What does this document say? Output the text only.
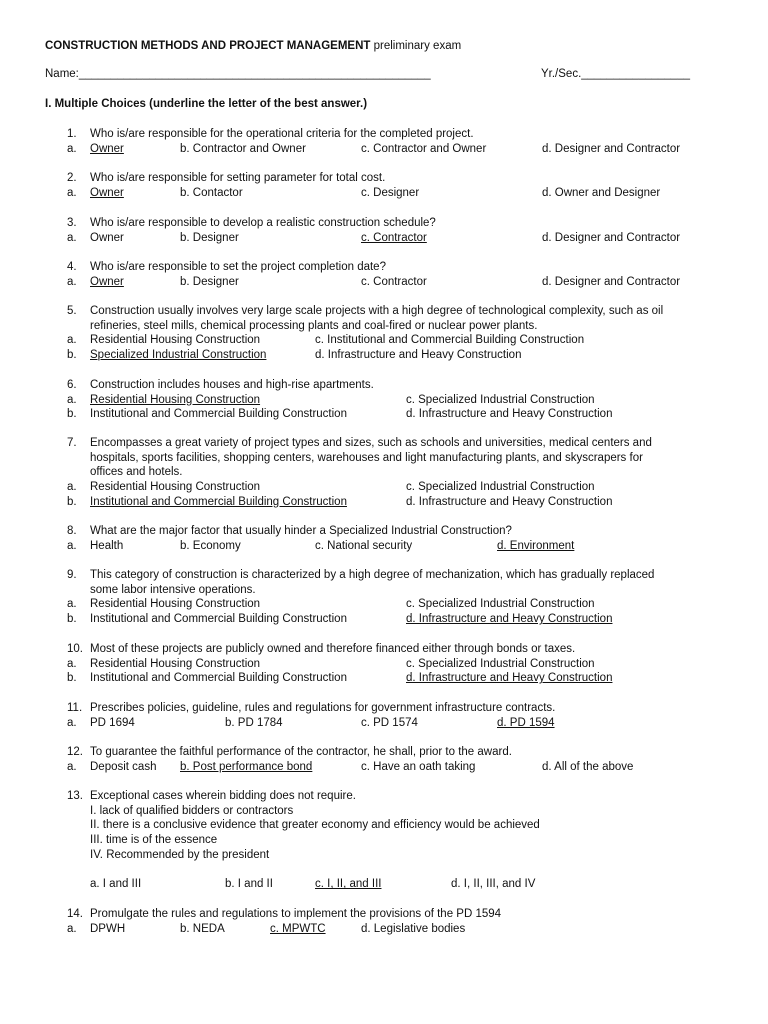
CONSTRUCTION METHODS AND PROJECT MANAGEMENT preliminary exam
Name:_______________________________________________________	Yr./Sec._________________
I. Multiple Choices (underline the letter of the best answer.)
1. Who is/are responsible for the operational criteria for the completed project.
a. Owner	b. Contractor and Owner	c. Contractor and Owner	d. Designer and Contractor
2. Who is/are responsible for setting parameter for total cost.
a. Owner	b. Contactor	c. Designer	d. Owner and Designer
3. Who is/are responsible to develop a realistic construction schedule?
a. Owner	b. Designer	c. Contractor	d. Designer and Contractor
4. Who is/are responsible to set the project completion date?
a. Owner	b. Designer	c. Contractor	d. Designer and Contractor
5. Construction usually involves very large scale projects with a high degree of technological complexity, such as oil
refineries, steel mills, chemical processing plants and coal-fired or nuclear power plants.
a. Residential Housing Construction	c. Institutional and Commercial Building Construction
b. Specialized Industrial Construction	d. Infrastructure and Heavy Construction
6. Construction includes houses and high-rise apartments.
a. Residential Housing Construction	c. Specialized Industrial Construction
b. Institutional and Commercial Building Construction	d. Infrastructure and Heavy Construction
7. Encompasses a great variety of project types and sizes, such as schools and universities, medical centers and
hospitals, sports facilities, shopping centers, warehouses and light manufacturing plants, and skyscrapers for
offices and hotels.
a. Residential Housing Construction	c. Specialized Industrial Construction
b. Institutional and Commercial Building Construction	d. Infrastructure and Heavy Construction
8. What are the major factor that usually hinder a Specialized Industrial Construction?
a. Health	b. Economy	c. National security	d. Environment
9. This category of construction is characterized by a high degree of mechanization, which has gradually replaced
some labor intensive operations.
a. Residential Housing Construction	c. Specialized Industrial Construction
b. Institutional and Commercial Building Construction	d. Infrastructure and Heavy Construction
10. Most of these projects are publicly owned and therefore financed either through bonds or taxes.
a. Residential Housing Construction	c. Specialized Industrial Construction
b. Institutional and Commercial Building Construction	d. Infrastructure and Heavy Construction
11. Prescribes policies, guideline, rules and regulations for government infrastructure contracts.
a. PD 1694	b. PD 1784	c. PD 1574	d. PD 1594
12. To guarantee the faithful performance of the contractor, he shall, prior to the award.
a. Deposit cash b. Post performance bond	c. Have an oath taking	d. All of the above
13. Exceptional cases wherein bidding does not require.
I. lack of qualified bidders or contractors
II. there is a conclusive evidence that greater economy and efficiency would be achieved
III. time is of the essence
IV. Recommended by the president
a. I and III	b. I and II	c. I, II, and III	d. I, II, III, and IV
14. Promulgate the rules and regulations to implement the provisions of the PD 1594
a. DPWH	b. NEDA	c. MPWTC	d. Legislative bodies
